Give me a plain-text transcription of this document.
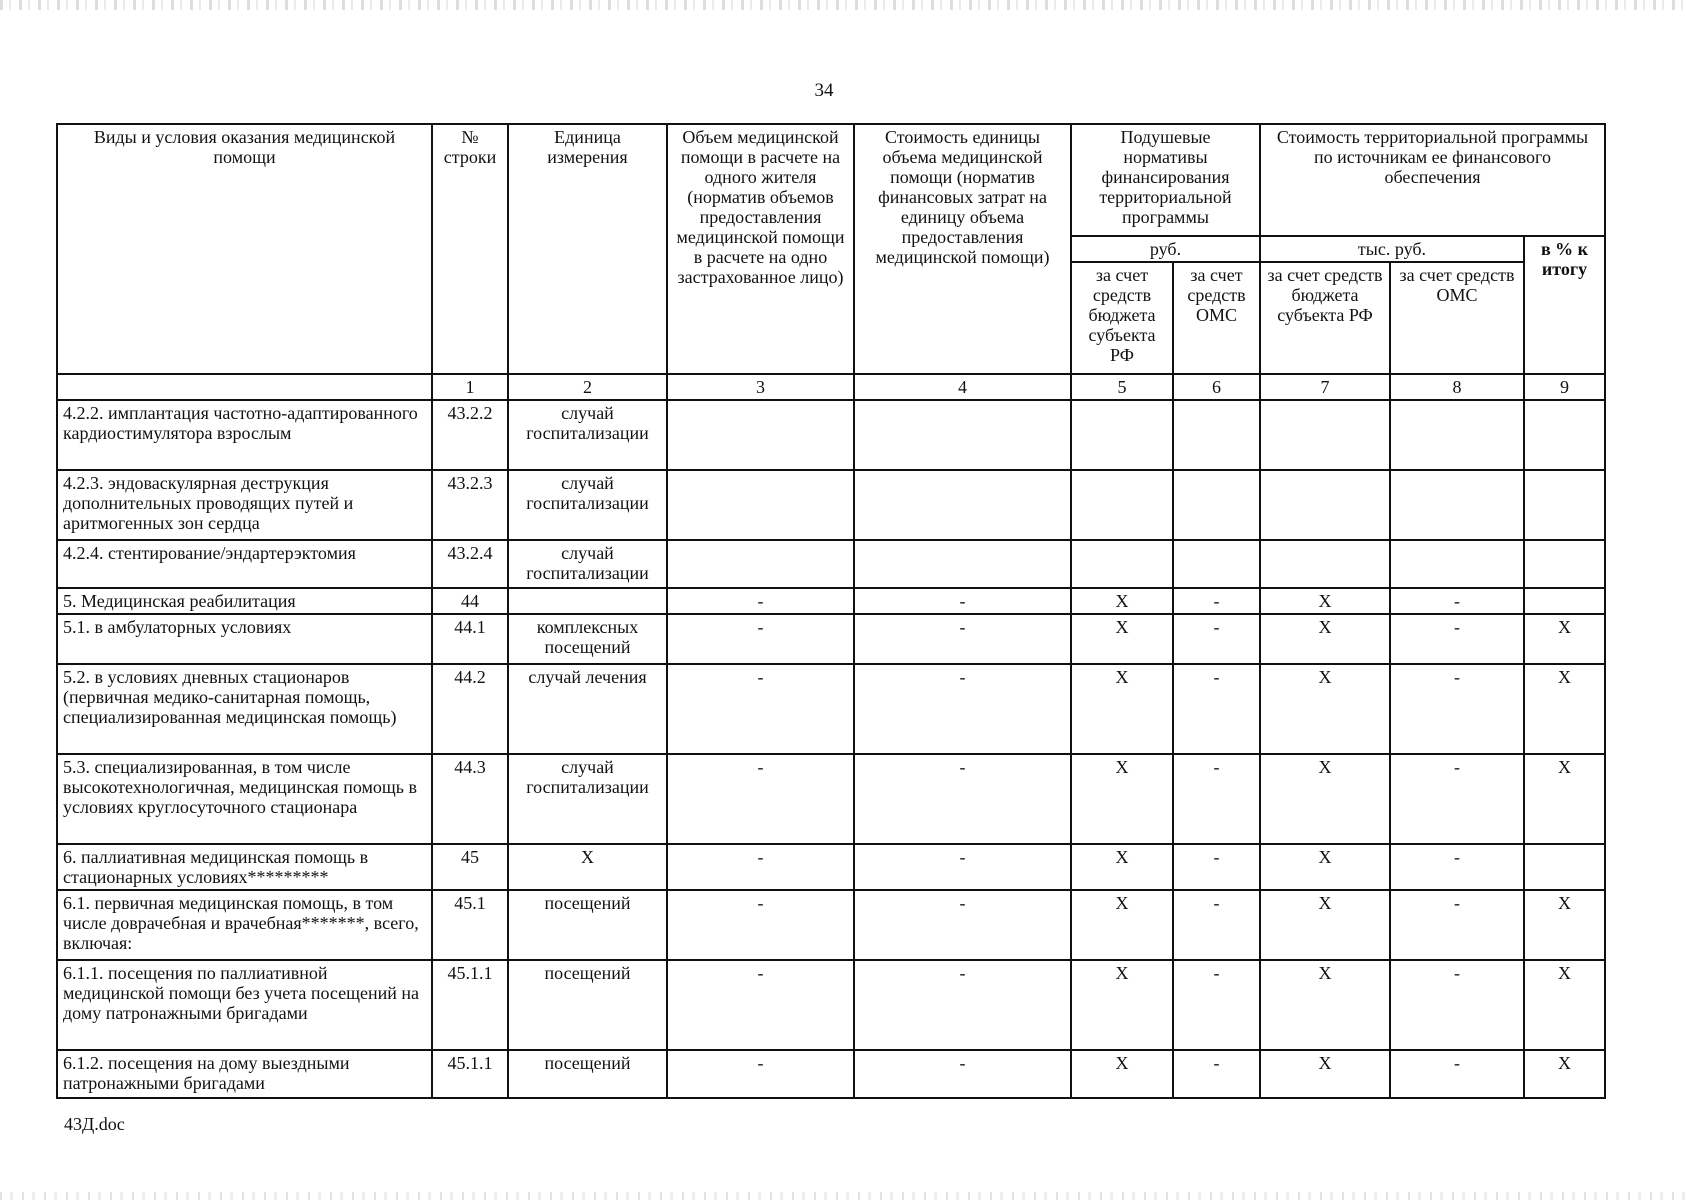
34
Виды и условия оказания медицинской помощи	№ строки	Единица измерения	Объем медицинской помощи в расчете на одного жителя (норматив объемов предоставления медицинской помощи в расчете на одно застрахованное лицо)	Стоимость единицы объема медицинской помощи (норматив финансовых затрат на единицу объема предоставления медицинской помощи)	Подушевые нормативы финансирования территориальной программы		Стоимость территориальной программы по источникам ее финансового обеспечения		
					руб.		тыс. руб.		в % к итогу
					за счет средств бюджета субъекта РФ	за счет средств ОМС	за счет средств бюджета субъекта РФ	за счет средств ОМС	
	1	2	3	4	5	6	7	8	9
4.2.2. имплантация частотно-адаптированного кардиостимулятора взрослым	43.2.2	случай госпитализации							
4.2.3. эндоваскулярная деструкция дополнительных проводящих путей и аритмогенных зон сердца	43.2.3	случай госпитализации							
4.2.4. стентирование/эндартерэктомия	43.2.4	случай госпитализации							
5. Медицинская реабилитация	44		-	-	Х	-	Х	-	
5.1. в амбулаторных условиях	44.1	комплексных посещений	-	-	Х	-	Х	-	Х
5.2. в условиях дневных стационаров (первичная медико-санитарная помощь, специализированная медицинская помощь)	44.2	случай лечения	-	-	Х	-	Х	-	Х
5.3. специализированная, в том числе высокотехнологичная, медицинская помощь в условиях круглосуточного стационара	44.3	случай госпитализации	-	-	Х	-	Х	-	Х
6. паллиативная медицинская помощь в стационарных условиях*********	45	Х	-	-	Х	-	Х	-	
6.1. первичная медицинская помощь, в том числе доврачебная и врачебная*******, всего, включая:	45.1	посещений	-	-	Х	-	Х	-	Х
6.1.1. посещения по паллиативной медицинской помощи без учета посещений на дому патронажными бригадами	45.1.1	посещений	-	-	Х	-	Х	-	Х
6.1.2. посещения на дому выездными патронажными бригадами	45.1.1	посещений	-	-	Х	-	Х	-	Х
43Д.doc
